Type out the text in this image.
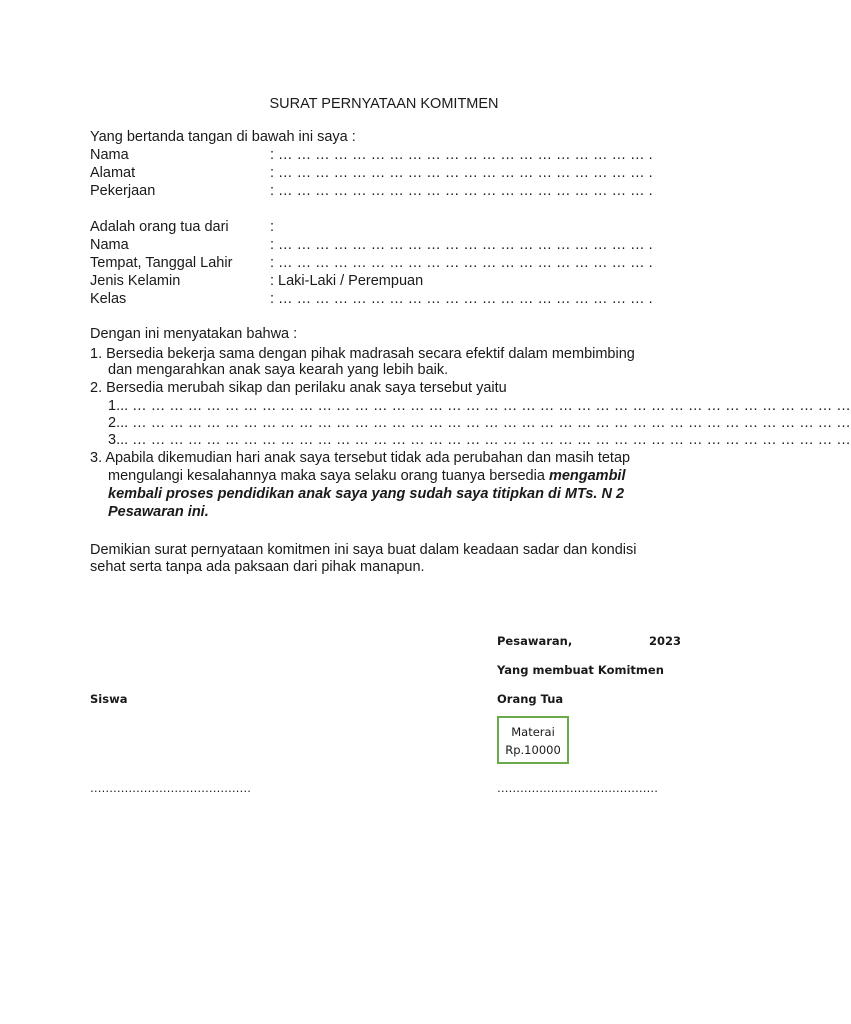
SURAT PERNYATAAN KOMITMEN
Yang bertanda tangan di bawah ini saya :
Nama	: … … … … … … … … … … … … … … … … … … … … .
Alamat	: … … … … … … … … … … … … … … … … … … … … .
Pekerjaan	: … … … … … … … … … … … … … … … … … … … … .
Adalah orang tua dari	:
Nama	: … … … … … … … … … … … … … … … … … … … … .
Tempat, Tanggal Lahir	: … … … … … … … … … … … … … … … … … … … … .
Jenis Kelamin	: Laki-Laki / Perempuan
Kelas	: … … … … … … … … … … … … … … … … … … … … .
Dengan ini menyatakan bahwa :
1. Bersedia bekerja sama dengan pihak madrasah secara efektif dalam membimbing
dan mengarahkan anak saya kearah yang lebih baik.
2. Bersedia merubah sikap dan perilaku anak saya tersebut yaitu
1... … … … … … … … … … … … … … … … … … … … … … … … … … … … … … … … … … … … … … … …
2... … … … … … … … … … … … … … … … … … … … … … … … … … … … … … … … … … … … … … … …
3... … … … … … … … … … … … … … … … … … … … … … … … … … … … … … … … … … … … … … … …
3. Apabila dikemudian hari anak saya tersebut tidak ada perubahan dan masih tetap
mengulangi kesalahannya maka saya selaku orang tuanya bersedia mengambil
kembali proses pendidikan anak saya yang sudah saya titipkan di MTs. N 2
Pesawaran ini.
Demikian surat pernyataan komitmen ini saya buat dalam keadaan sadar dan kondisi
sehat serta tanpa ada paksaan dari pihak manapun.
Pesawaran,	2023
Yang membuat Komitmen
Siswa	Orang Tua
Materai
Rp.10000
……………………………………	……………………………………
